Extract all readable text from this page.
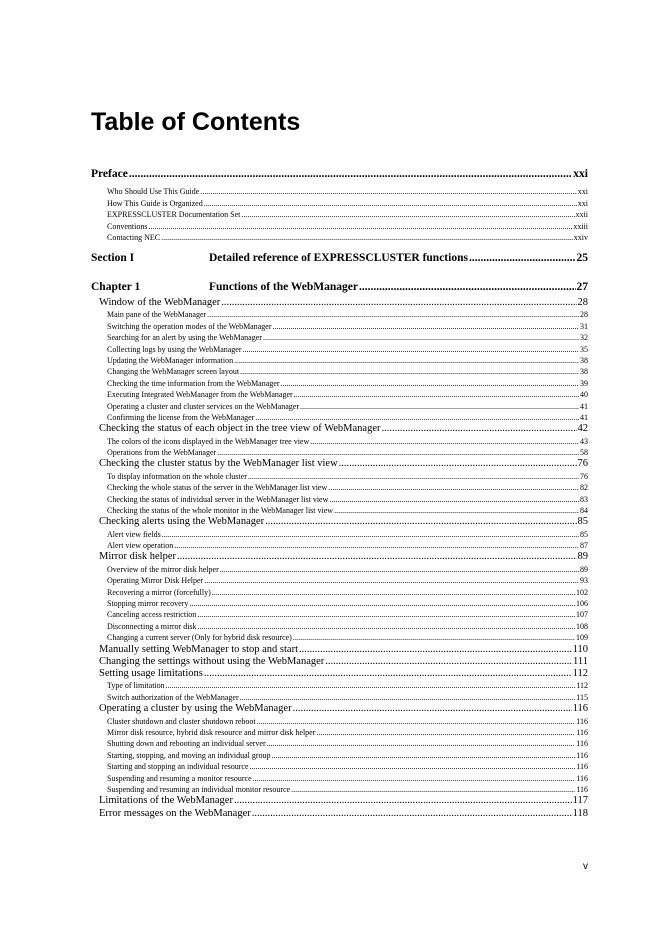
Table of Contents
Preface .....	xxi
Who Should Use This Guide .....	xxi
How This Guide is Organized .....	xxi
EXPRESSCLUSTER Documentation Set .....	xxii
Conventions .....	xxiii
Contacting NEC .....	xxiv
Section I	Detailed reference of EXPRESSCLUSTER functions .....	25
Chapter 1	Functions of the WebManager .....	27
Window of the WebManager .....	28
Main pane of the WebManager .....	28
Switching the operation modes of the WebManager .....	31
Searching for an alert by using the WebManager .....	32
Collecting logs by using the WebManager .....	35
Updating the WebManager information .....	38
Changing the WebManager screen layout .....	38
Checking the time information from the WebManager .....	39
Executing Integrated WebManager from the WebManager .....	40
Operating a cluster and cluster services on the WebManager .....	41
Confirming the license from the WebManager .....	41
Checking the status of each object in the tree view of WebManager .....	42
The colors of the icons displayed in the WebManager tree view .....	43
Operations from the WebManager .....	58
Checking the cluster status by the WebManager list view .....	76
To display information on the whole cluster .....	76
Checking the whole status of the server in the WebManager list view .....	82
Checking the status of individual server in the WebManager list view .....	83
Checking the status of the whole monitor in the WebManager list view .....	84
Checking alerts using the WebManager .....	85
Alert view fields .....	85
Alert view operation .....	87
Mirror disk helper .....	89
Overview of the mirror disk helper .....	89
Operating Mirror Disk Helper .....	93
Recovering a mirror (forcefully) .....	102
Stopping mirror recovery .....	106
Canceling access restriction .....	107
Disconnecting a mirror disk .....	108
Changing a current server (Only for hybrid disk resource) .....	109
Manually setting WebManager to stop and start .....	110
Changing the settings without using the WebManager .....	111
Setting usage limitations .....	112
Type of limitation .....	112
Switch authorization of the WebManager .....	115
Operating a cluster by using the WebManager .....	116
Cluster shutdown and cluster shutdown reboot .....	116
Mirror disk resource, hybrid disk resource and mirror disk helper .....	116
Shutting down and rebooting an individual server .....	116
Starting, stopping, and moving an individual group .....	116
Starting and stopping an individual resource .....	116
Suspending and resuming a monitor resource .....	116
Suspending and resuming an individual monitor resource .....	116
Limitations of the WebManager .....	117
Error messages on the WebManager .....	118

v
